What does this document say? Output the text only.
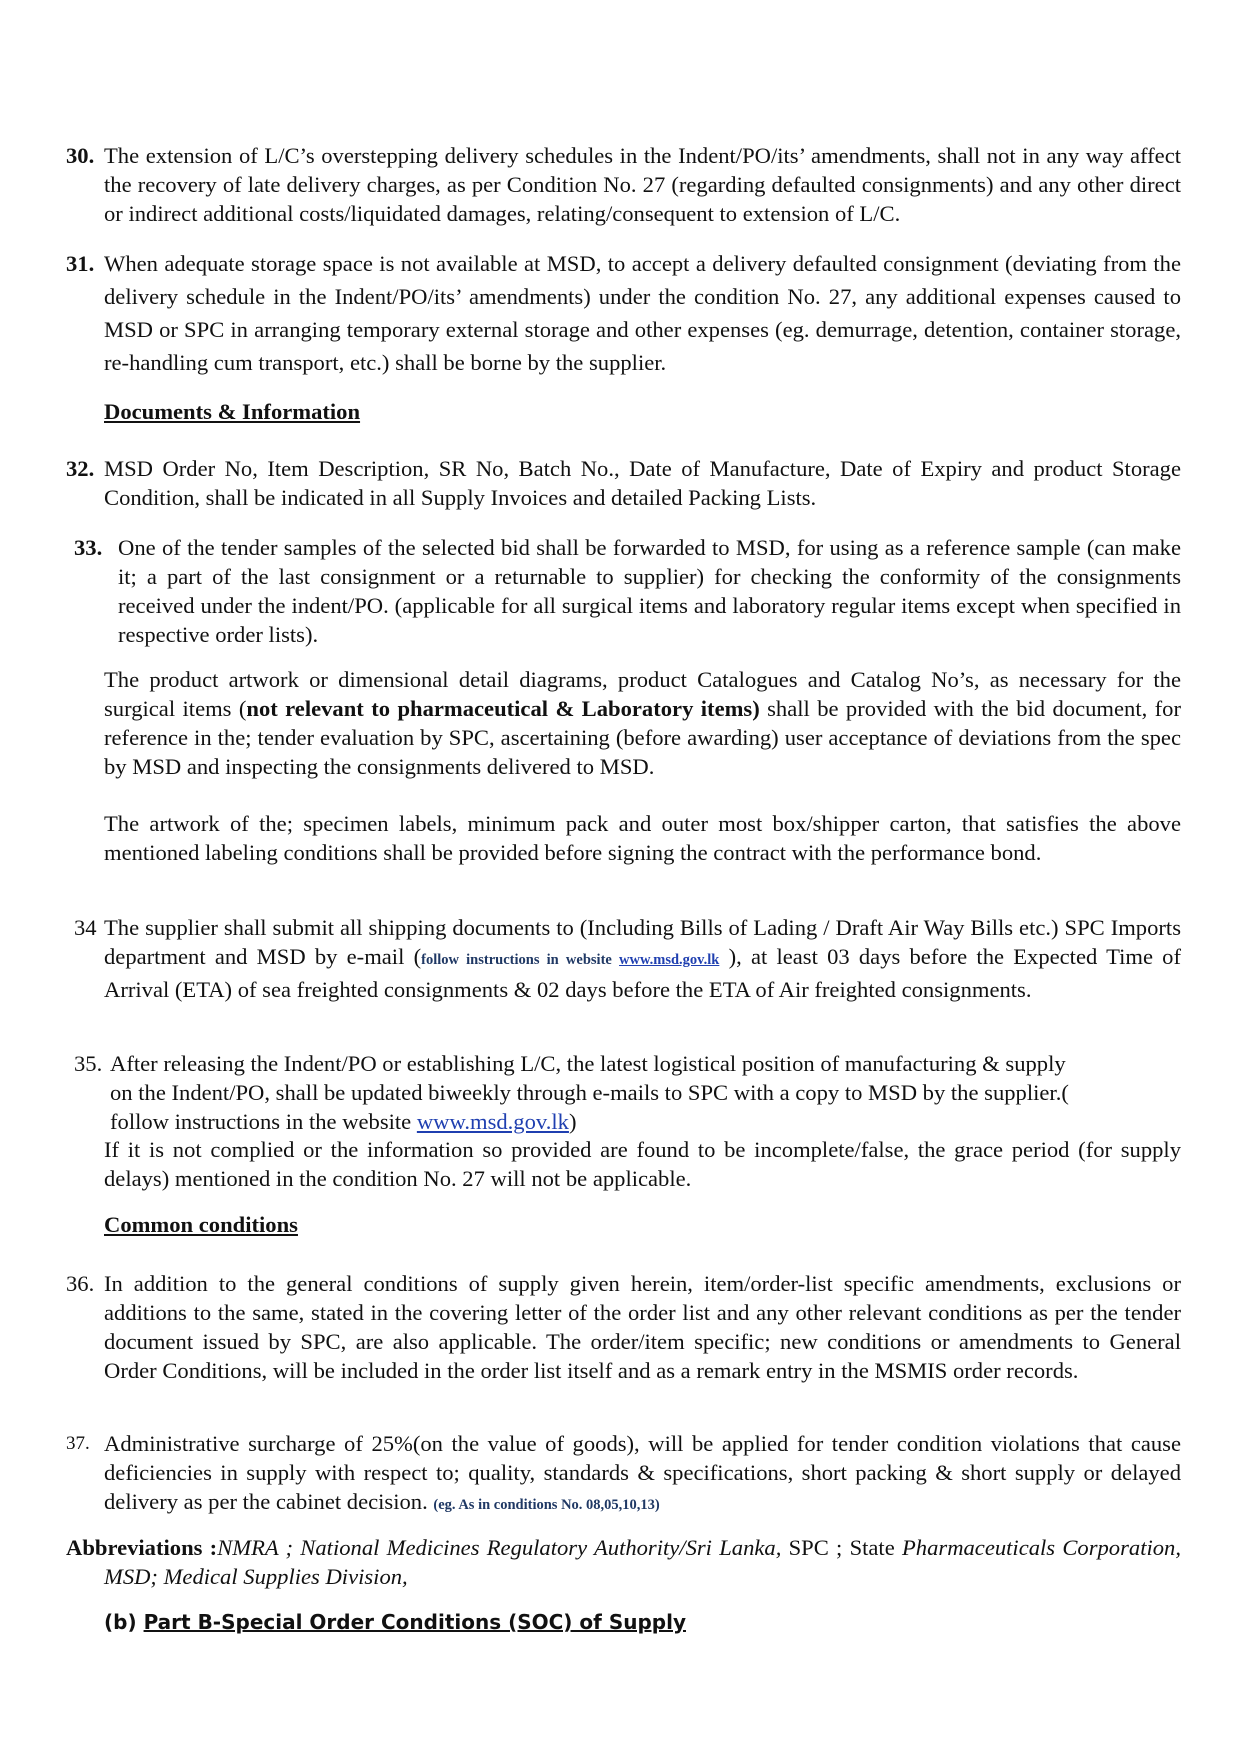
30. The extension of L/C’s overstepping delivery schedules in the Indent/PO/its’ amendments, shall not in any way affect the recovery of late delivery charges, as per Condition No. 27 (regarding defaulted consignments) and any other direct or indirect additional costs/liquidated damages, relating/consequent to extension of L/C.
31. When adequate storage space is not available at MSD, to accept a delivery defaulted consignment (deviating from the delivery schedule in the Indent/PO/its’ amendments) under the condition No. 27, any additional expenses caused to MSD or SPC in arranging temporary external storage and other expenses (eg. demurrage, detention, container storage, re-handling cum transport, etc.) shall be borne by the supplier.
Documents & Information
32. MSD Order No, Item Description, SR No, Batch No., Date of Manufacture, Date of Expiry and product Storage Condition, shall be indicated in all Supply Invoices and detailed Packing Lists.
33. One of the tender samples of the selected bid shall be forwarded to MSD, for using as a reference sample (can make it; a part of the last consignment or a returnable to supplier) for checking the conformity of the consignments received under the indent/PO. (applicable for all surgical items and laboratory regular items except when specified in respective order lists).
The product artwork or dimensional detail diagrams, product Catalogues and Catalog No’s, as necessary for the surgical items (not relevant to pharmaceutical & Laboratory items) shall be provided with the bid document, for reference in the; tender evaluation by SPC, ascertaining (before awarding) user acceptance of deviations from the spec by MSD and inspecting the consignments delivered to MSD.
The artwork of the; specimen labels, minimum pack and outer most box/shipper carton, that satisfies the above mentioned labeling conditions shall be provided before signing the contract with the performance bond.
34 The supplier shall submit all shipping documents to (Including Bills of Lading / Draft Air Way Bills etc.) SPC Imports department and MSD by e-mail (follow instructions in website www.msd.gov.lk ), at least 03 days before the Expected Time of Arrival (ETA) of sea freighted consignments & 02 days before the ETA of Air freighted consignments.
35. After releasing the Indent/PO or establishing L/C, the latest logistical position of manufacturing & supply on the Indent/PO, shall be updated biweekly through e-mails to SPC with a copy to MSD by the supplier.( follow instructions in the website www.msd.gov.lk)
If it is not complied or the information so provided are found to be incomplete/false, the grace period (for supply delays) mentioned in the condition No. 27 will not be applicable.
Common conditions
36. In addition to the general conditions of supply given herein, item/order-list specific amendments, exclusions or additions to the same, stated in the covering letter of the order list and any other relevant conditions as per the tender document issued by SPC, are also applicable. The order/item specific; new conditions or amendments to General Order Conditions, will be included in the order list itself and as a remark entry in the MSMIS order records.
37. Administrative surcharge of 25%(on the value of goods), will be applied for tender condition violations that cause deficiencies in supply with respect to; quality, standards & specifications, short packing & short supply or delayed delivery as per the cabinet decision. (eg. As in conditions No. 08,05,10,13)
Abbreviations :NMRA ; National Medicines Regulatory Authority/Sri Lanka, SPC ; State Pharmaceuticals Corporation, MSD; Medical Supplies Division,
(b) Part B-Special Order Conditions (SOC) of Supply
